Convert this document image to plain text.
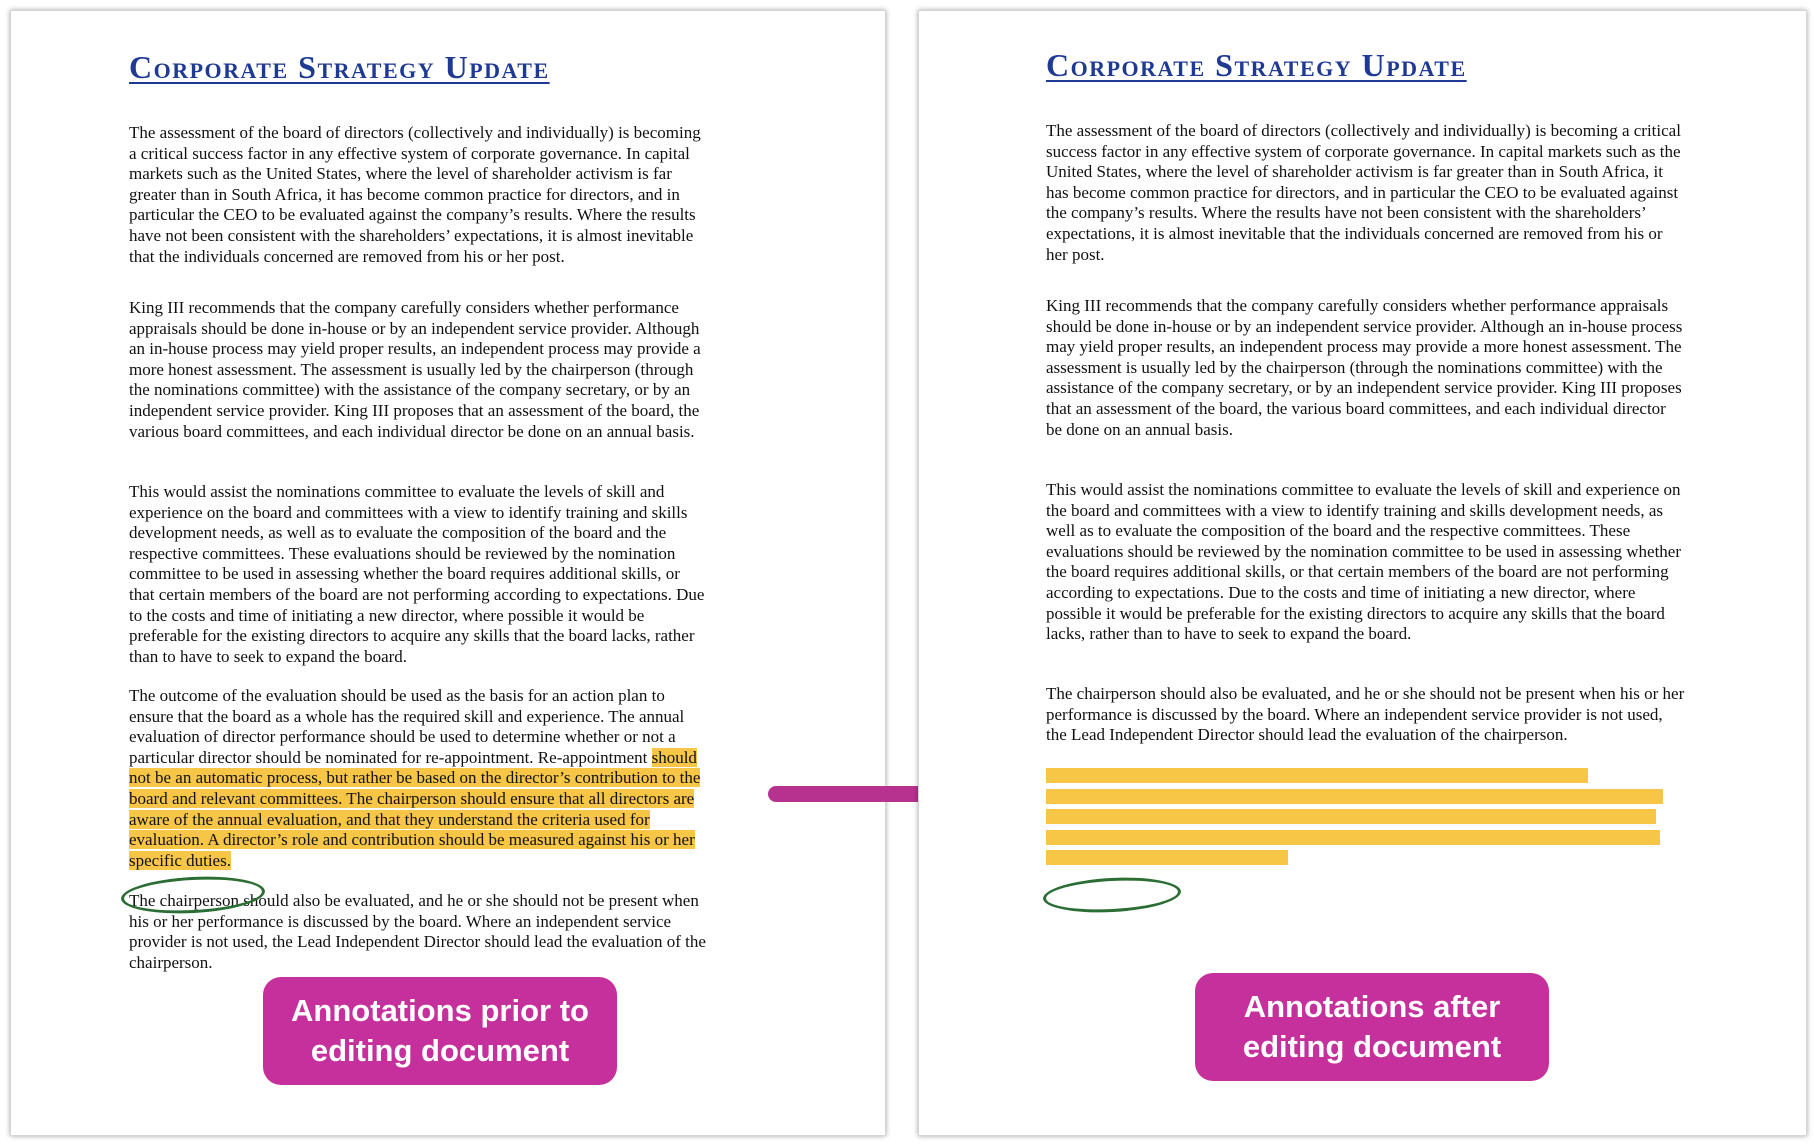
Corporate Strategy Update

The assessment of the board of directors (collectively and individually) is becoming a critical success factor in any effective system of corporate governance. In capital markets such as the United States, where the level of shareholder activism is far greater than in South Africa, it has become common practice for directors, and in particular the CEO to be evaluated against the company’s results. Where the results have not been consistent with the shareholders’ expectations, it is almost inevitable that the individuals concerned are removed from his or her post.

King III recommends that the company carefully considers whether performance appraisals should be done in-house or by an independent service provider. Although an in-house process may yield proper results, an independent process may provide a more honest assessment. The assessment is usually led by the chairperson (through the nominations committee) with the assistance of the company secretary, or by an independent service provider. King III proposes that an assessment of the board, the various board committees, and each individual director be done on an annual basis.

This would assist the nominations committee to evaluate the levels of skill and experience on the board and committees with a view to identify training and skills development needs, as well as to evaluate the composition of the board and the respective committees. These evaluations should be reviewed by the nomination committee to be used in assessing whether the board requires additional skills, or that certain members of the board are not performing according to expectations. Due to the costs and time of initiating a new director, where possible it would be preferable for the existing directors to acquire any skills that the board lacks, rather than to have to seek to expand the board.

The outcome of the evaluation should be used as the basis for an action plan to ensure that the board as a whole has the required skill and experience. The annual evaluation of director performance should be used to determine whether or not a particular director should be nominated for re-appointment. Re-appointment should not be an automatic process, but rather be based on the director’s contribution to the board and relevant committees. The chairperson should ensure that all directors are aware of the annual evaluation, and that they understand the criteria used for evaluation. A director’s role and contribution should be measured against his or her specific duties.

The chairperson should also be evaluated, and he or she should not be present when his or her performance is discussed by the board. Where an independent service provider is not used, the Lead Independent Director should lead the evaluation of the chairperson.

Annotations prior to
editing document
Corporate Strategy Update

The assessment of the board of directors (collectively and individually) is becoming a critical success factor in any effective system of corporate governance. In capital markets such as the United States, where the level of shareholder activism is far greater than in South Africa, it has become common practice for directors, and in particular the CEO to be evaluated against the company’s results. Where the results have not been consistent with the shareholders’ expectations, it is almost inevitable that the individuals concerned are removed from his or her post.

King III recommends that the company carefully considers whether performance appraisals should be done in-house or by an independent service provider. Although an in-house process may yield proper results, an independent process may provide a more honest assessment. The assessment is usually led by the chairperson (through the nominations committee) with the assistance of the company secretary, or by an independent service provider. King III proposes that an assessment of the board, the various board committees, and each individual director be done on an annual basis.

This would assist the nominations committee to evaluate the levels of skill and experience on the board and committees with a view to identify training and skills development needs, as well as to evaluate the composition of the board and the respective committees. These evaluations should be reviewed by the nomination committee to be used in assessing whether the board requires additional skills, or that certain members of the board are not performing according to expectations. Due to the costs and time of initiating a new director, where possible it would be preferable for the existing directors to acquire any skills that the board lacks, rather than to have to seek to expand the board.

The chairperson should also be evaluated, and he or she should not be present when his or her performance is discussed by the board. Where an independent service provider is not used, the Lead Independent Director should lead the evaluation of the chairperson.

Annotations after
editing document
